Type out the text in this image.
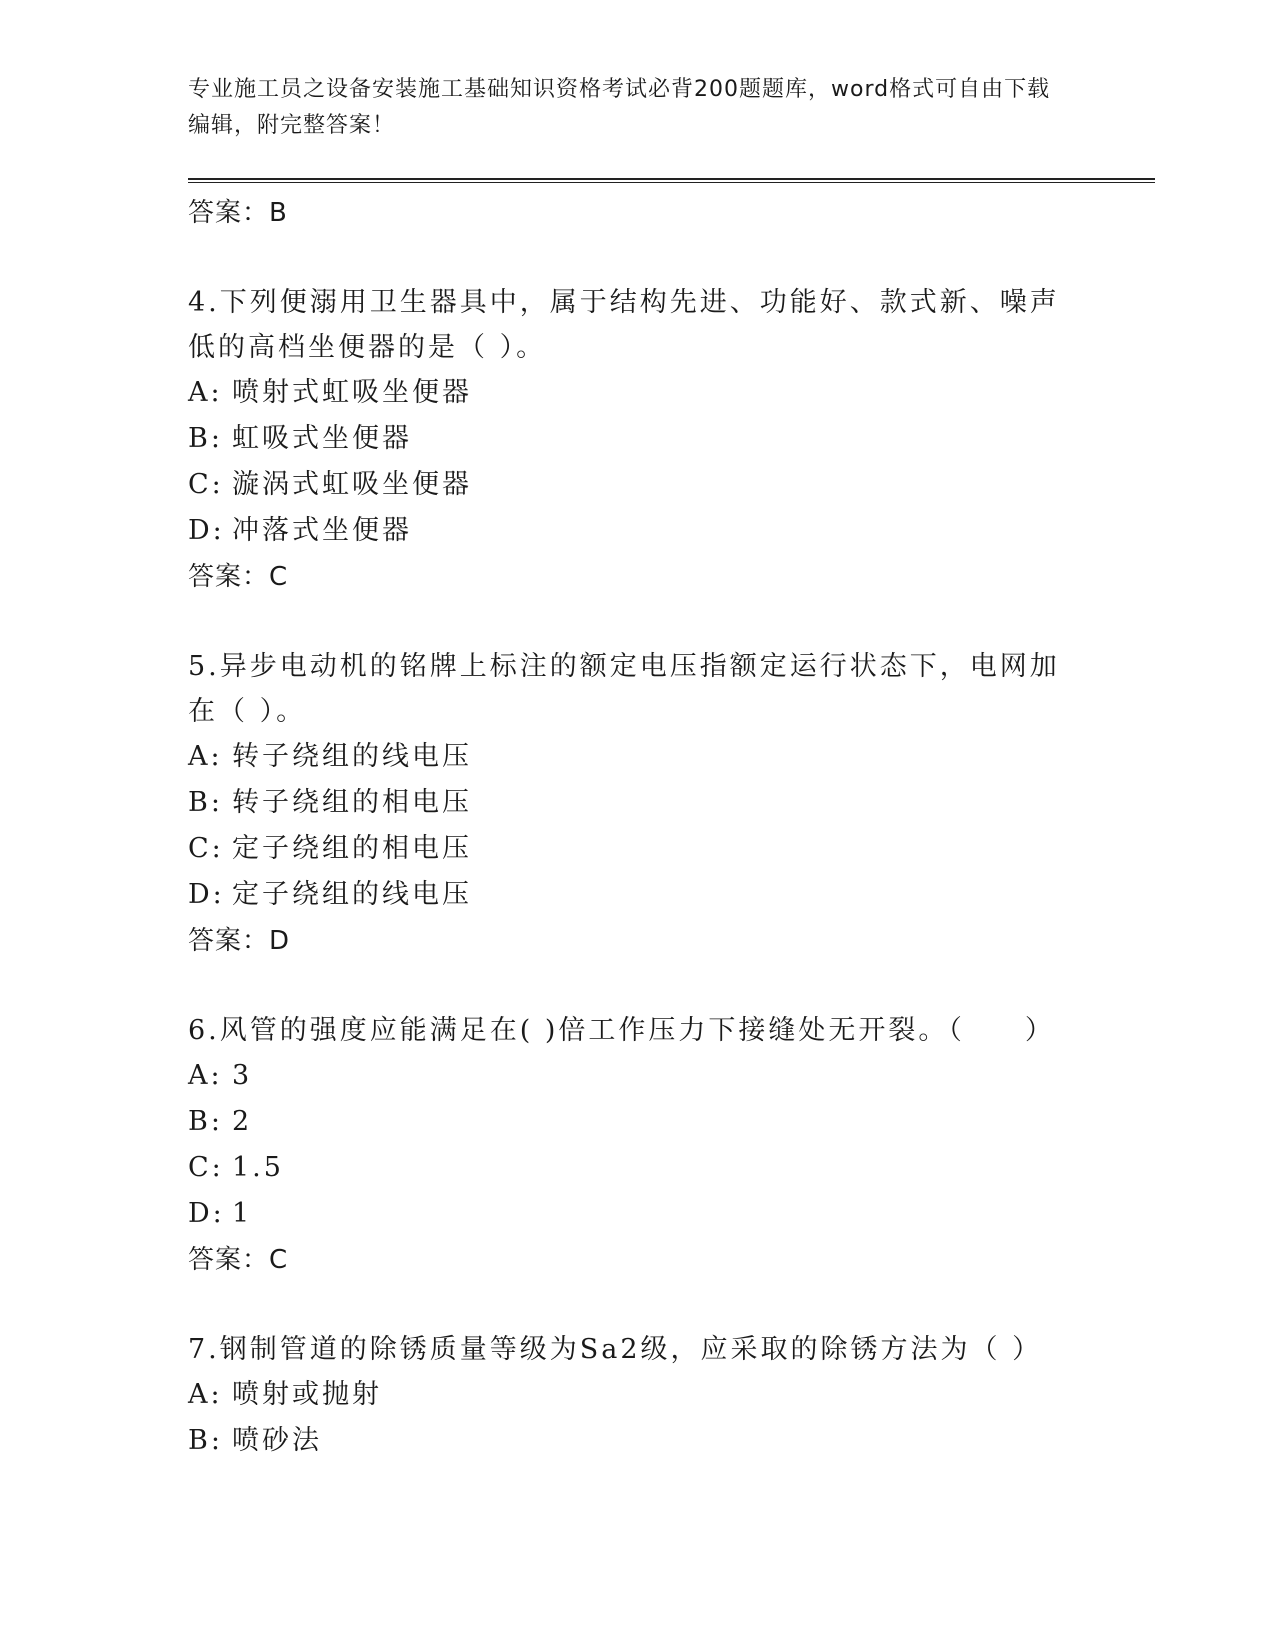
专业施工员之设备安装施工基础知识资格考试必背200题题库，word格式可自由下载编辑，附完整答案！
答案：B
4.下列便溺用卫生器具中，属于结构先进、功能好、款式新、噪声低的高档坐便器的是（ ）。
A: 喷射式虹吸坐便器
B: 虹吸式坐便器
C: 漩涡式虹吸坐便器
D: 冲落式坐便器
答案：C
5.异步电动机的铭牌上标注的额定电压指额定运行状态下，电网加在（ ）。
A: 转子绕组的线电压
B: 转子绕组的相电压
C: 定子绕组的相电压
D: 定子绕组的线电压
答案：D
6.风管的强度应能满足在( )倍工作压力下接缝处无开裂。（　　）
A: 3
B: 2
C: 1.5
D: 1
答案：C
7.钢制管道的除锈质量等级为Sa2级，应采取的除锈方法为（ ）
A: 喷射或抛射
B: 喷砂法
